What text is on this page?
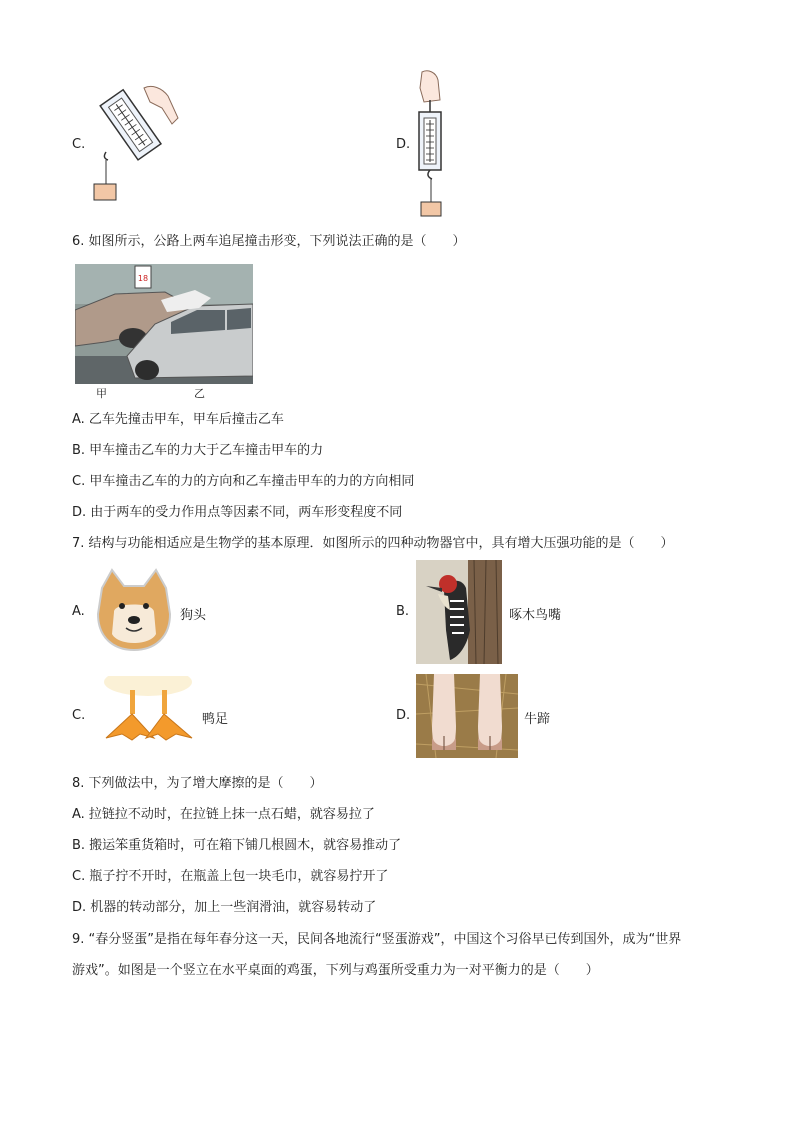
C.	D.
6. 如图所示，公路上两车追尾撞击形变，下列说法正确的是（　　）
18
甲	乙
A. 乙车先撞击甲车，甲车后撞击乙车
B. 甲车撞击乙车的力大于乙车撞击甲车的力
C. 甲车撞击乙车的力的方向和乙车撞击甲车的力的方向相同
D. 由于两车的受力作用点等因素不同，两车形变程度不同
7. 结构与功能相适应是生物学的基本原理．如图所示的四种动物器官中，具有增大压强功能的是（　　）
A.	狗头	B.	啄木鸟嘴
C.	鸭足	D.	牛蹄
8. 下列做法中，为了增大摩擦的是（　　）
A. 拉链拉不动时，在拉链上抹一点石蜡，就容易拉了
B. 搬运笨重货箱时，可在箱下铺几根圆木，就容易推动了
C. 瓶子拧不开时，在瓶盖上包一块毛巾，就容易拧开了
D. 机器的转动部分，加上一些润滑油，就容易转动了
9. “春分竖蛋”是指在每年春分这一天，民间各地流行“竖蛋游戏”，中国这个习俗早已传到国外，成为“世界
游戏”。如图是一个竖立在水平桌面的鸡蛋，下列与鸡蛋所受重力为一对平衡力的是（　　）
